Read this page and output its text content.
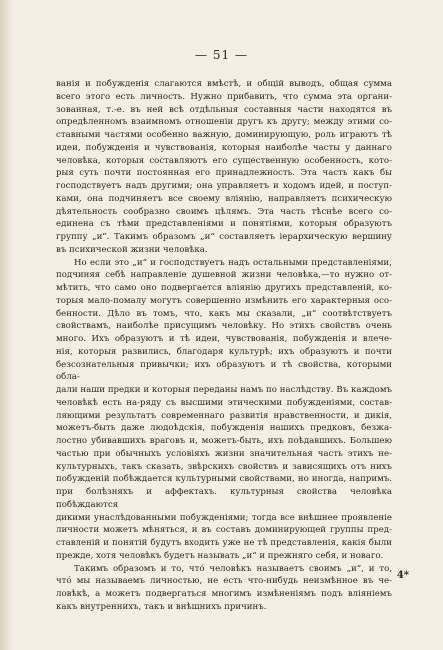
— 51 —

ванія и побужденія слагаются вмѣстѣ, и общій выводъ, общая сумма
всего этого есть личность. Нужно прибавить, что сумма эта органи-
зованная, т.-е. въ ней всѣ отдѣльныя составныя части находятся въ
опредѣленномъ взаимномъ отношеніи другъ къ другу; между этими со-
ставными частями особенно важную, доминирующую, роль играютъ тѣ
идеи, побужденія и чувствованія, которыя наиболѣе часты у даннаго
человѣка, которыя составляютъ его существенную особенность, кото-
рыя суть почти постоянная его принадлежность. Эта часть какъ бы
господствуетъ надъ другими; она управляетъ и ходомъ идей, и поступ-
ками, она подчиняетъ все своему вліянію, направляетъ психическую
дѣятельность сообразно своимъ цѣлямъ. Эта часть тѣснѣе всего со-
единена съ тѣми представленіями и понятіями, которыя образуютъ
группу „и“. Такимъ образомъ „и“ составляетъ іерархическую вершину
въ психической жизни человѣка.

Но если это „и“ и господствуетъ надъ остальными представленіями,
подчиняя себѣ направленіе душевной жизни человѣка,—то нужно от-
мѣтить, что само оно подвергается вліянію другихъ представленій, ко-
торыя мало-помалу могутъ совершенно измѣнить его характерныя осо-
бенности. Дѣло въ томъ, что, какъ мы сказали, „и“ соотвѣтствуетъ
свойствамъ, наиболѣе присущимъ человѣку. Но этихъ свойствъ очень
много. Ихъ образуютъ и тѣ идеи, чувствованія, побужденія и влече-
нія, которыя развились, благодаря культурѣ; ихъ образуютъ и почти
безсознательныя привычки; ихъ образуютъ и тѣ свойства, которыми обла-
дали наши предки и которыя переданы намъ по наслѣдству. Въ каждомъ
человѣкѣ есть на-ряду съ высшими этическими побужденіями, состав-
ляющими результатъ современнаго развитія нравственности, и дикія,
можетъ-быть даже людоѣдскія, побужденія нашихъ предковъ, безжа-
лостно убивавшихъ враговъ и, можетъ-быть, ихъ поѣдавшихъ. Большею
частью при обычныхъ условіяхъ жизни значительная часть этихъ не-
культурныхъ, такъ сказать, звѣрскихъ свойствъ и зависящихъ отъ нихъ
побужденій побѣждается культурными свойствами, но иногда, напримъ.
при болѣзняхъ и аффектахъ. культурныя свойства человѣка побѣждаются
дикими унаслѣдованными побужденіями; тогда все внѣшнее проявленіе
личности можетъ мѣняться, и въ составъ доминирующей группы пред-
ставленій и понятій будутъ входить уже не тѣ представленія, какія были
прежде, хотя человѣкъ будетъ называть „и“ и прежняго себя, и новаго.

Такимъ образомъ и то, чтó человѣкъ называетъ своимъ „и“, и то,
чтó мы называемъ личностью, не есть что-нибудь неизмѣнное въ че-
ловѣкѣ, а можетъ подвергаться многимъ измѣненіямъ подъ вліяніемъ
какъ внутреннихъ, такъ и внѣшнихъ причинъ.

4*
